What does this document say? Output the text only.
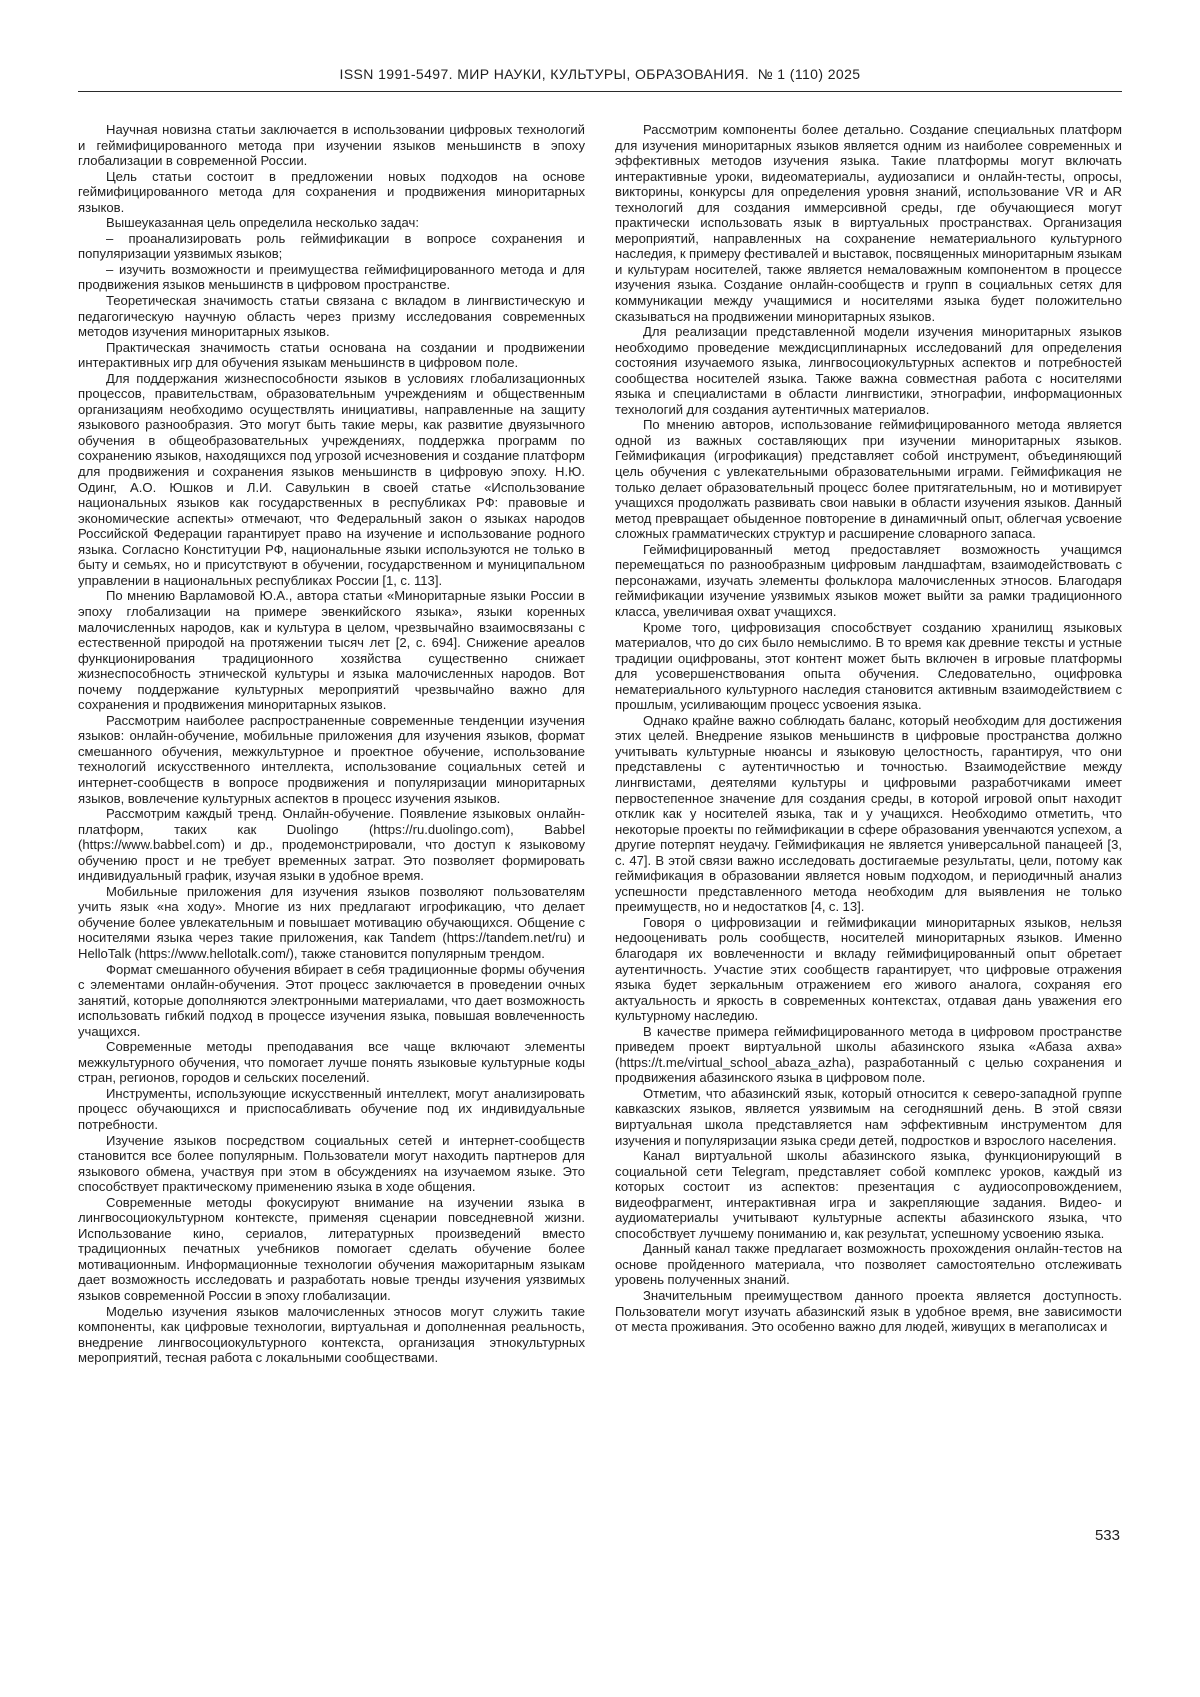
ISSN 1991-5497. МИР НАУКИ, КУЛЬТУРЫ, ОБРАЗОВАНИЯ.  № 1 (110) 2025

Научная новизна статьи заключается в использовании цифровых технологий и геймифицированного метода при изучении языков меньшинств в эпоху глобализации в современной России.

Цель статьи состоит в предложении новых подходов на основе геймифицированного метода для сохранения и продвижения миноритарных языков.

Вышеуказанная цель определила несколько задач:

– проанализировать роль геймификации в вопросе сохранения и популяризации уязвимых языков;

– изучить возможности и преимущества геймифицированного метода и для продвижения языков меньшинств в цифровом пространстве.

Теоретическая значимость статьи связана с вкладом в лингвистическую и педагогическую научную область через призму исследования современных методов изучения миноритарных языков.

Практическая значимость статьи основана на создании и продвижении интерактивных игр для обучения языкам меньшинств в цифровом поле.

Для поддержания жизнеспособности языков в условиях глобализационных процессов, правительствам, образовательным учреждениям и общественным организациям необходимо осуществлять инициативы, направленные на защиту языкового разнообразия. Это могут быть такие меры, как развитие двуязычного обучения в общеобразовательных учреждениях, поддержка программ по сохранению языков, находящихся под угрозой исчезновения и создание платформ для продвижения и сохранения языков меньшинств в цифровую эпоху. Н.Ю. Одинг, А.О. Юшков и Л.И. Савулькин в своей статье «Использование национальных языков как государственных в республиках РФ: правовые и экономические аспекты» отмечают, что Федеральный закон о языках народов Российской Федерации гарантирует право на изучение и использование родного языка. Согласно Конституции РФ, национальные языки используются не только в быту и семьях, но и присутствуют в обучении, государственном и муниципальном управлении в национальных республиках России [1, с. 113].

По мнению Варламовой Ю.А., автора статьи «Миноритарные языки России в эпоху глобализации на примере эвенкийского языка», языки коренных малочисленных народов, как и культура в целом, чрезвычайно взаимосвязаны с естественной природой на протяжении тысяч лет [2, с. 694]. Снижение ареалов функционирования традиционного хозяйства существенно снижает жизнеспособность этнической культуры и языка малочисленных народов. Вот почему поддержание культурных мероприятий чрезвычайно важно для сохранения и продвижения миноритарных языков.

Рассмотрим наиболее распространенные современные тенденции изучения языков: онлайн-обучение, мобильные приложения для изучения языков, формат смешанного обучения, межкультурное и проектное обучение, использование технологий искусственного интеллекта, использование социальных сетей и интернет-сообществ в вопросе продвижения и популяризации миноритарных языков, вовлечение культурных аспектов в процесс изучения языков.

Рассмотрим каждый тренд. Онлайн-обучение. Появление языковых онлайн-платформ, таких как Duolingo (https://ru.duolingo.com), Babbel (https://www.babbel.com) и др., продемонстрировали, что доступ к языковому обучению прост и не требует временных затрат. Это позволяет формировать индивидуальный график, изучая языки в удобное время.

Мобильные приложения для изучения языков позволяют пользователям учить язык «на ходу». Многие из них предлагают игрофикацию, что делает обучение более увлекательным и повышает мотивацию обучающихся. Общение с носителями языка через такие приложения, как Tandem (https://tandem.net/ru) и HelloTalk (https://www.hellotalk.com/), также становится популярным трендом.

Формат смешанного обучения вбирает в себя традиционные формы обучения с элементами онлайн-обучения. Этот процесс заключается в проведении очных занятий, которые дополняются электронными материалами, что дает возможность использовать гибкий подход в процессе изучения языка, повышая вовлеченность учащихся.

Современные методы преподавания все чаще включают элементы межкультурного обучения, что помогает лучше понять языковые культурные коды стран, регионов, городов и сельских поселений.

Инструменты, использующие искусственный интеллект, могут анализировать процесс обучающихся и приспосабливать обучение под их индивидуальные потребности.

Изучение языков посредством социальных сетей и интернет-сообществ становится все более популярным. Пользователи могут находить партнеров для языкового обмена, участвуя при этом в обсуждениях на изучаемом языке. Это способствует практическому применению языка в ходе общения.

Современные методы фокусируют внимание на изучении языка в лингвосоциокультурном контексте, применяя сценарии повседневной жизни. Использование кино, сериалов, литературных произведений вместо традиционных печатных учебников помогает сделать обучение более мотивационным. Информационные технологии обучения мажоритарным языкам дает возможность исследовать и разработать новые тренды изучения уязвимых языков современной России в эпоху глобализации.

Моделью изучения языков малочисленных этносов могут служить такие компоненты, как цифровые технологии, виртуальная и дополненная реальность, внедрение лингвосоциокультурного контекста, организация этнокультурных мероприятий, тесная работа с локальными сообществами.

Рассмотрим компоненты более детально. Создание специальных платформ для изучения миноритарных языков является одним из наиболее современных и эффективных методов изучения языка. Такие платформы могут включать интерактивные уроки, видеоматериалы, аудиозаписи и онлайн-тесты, опросы, викторины, конкурсы для определения уровня знаний, использование VR и AR технологий для создания иммерсивной среды, где обучающиеся могут практически использовать язык в виртуальных пространствах. Организация мероприятий, направленных на сохранение нематериального культурного наследия, к примеру фестивалей и выставок, посвященных миноритарным языкам и культурам носителей, также является немаловажным компонентом в процессе изучения языка. Создание онлайн-сообществ и групп в социальных сетях для коммуникации между учащимися и носителями языка будет положительно сказываться на продвижении миноритарных языков.

Для реализации представленной модели изучения миноритарных языков необходимо проведение междисциплинарных исследований для определения состояния изучаемого языка, лингвосоциокультурных аспектов и потребностей сообщества носителей языка. Также важна совместная работа с носителями языка и специалистами в области лингвистики, этнографии, информационных технологий для создания аутентичных материалов.

По мнению авторов, использование геймифицированного метода является одной из важных составляющих при изучении миноритарных языков. Геймификация (игрофикация) представляет собой инструмент, объединяющий цель обучения с увлекательными образовательными играми. Геймификация не только делает образовательный процесс более притягательным, но и мотивирует учащихся продолжать развивать свои навыки в области изучения языков. Данный метод превращает обыденное повторение в динамичный опыт, облегчая усвоение сложных грамматических структур и расширение словарного запаса.

Геймифицированный метод предоставляет возможность учащимся перемещаться по разнообразным цифровым ландшафтам, взаимодействовать с персонажами, изучать элементы фольклора малочисленных этносов. Благодаря геймификации изучение уязвимых языков может выйти за рамки традиционного класса, увеличивая охват учащихся.

Кроме того, цифровизация способствует созданию хранилищ языковых материалов, что до сих было немыслимо. В то время как древние тексты и устные традиции оцифрованы, этот контент может быть включен в игровые платформы для усовершенствования опыта обучения. Следовательно, оцифровка нематериального культурного наследия становится активным взаимодействием с прошлым, усиливающим процесс усвоения языка.

Однако крайне важно соблюдать баланс, который необходим для достижения этих целей. Внедрение языков меньшинств в цифровые пространства должно учитывать культурные нюансы и языковую целостность, гарантируя, что они представлены с аутентичностью и точностью. Взаимодействие между лингвистами, деятелями культуры и цифровыми разработчиками имеет первостепенное значение для создания среды, в которой игровой опыт находит отклик как у носителей языка, так и у учащихся. Необходимо отметить, что некоторые проекты по геймификации в сфере образования увенчаются успехом, а другие потерпят неудачу. Геймификация не является универсальной панацеей [3, с. 47]. В этой связи важно исследовать достигаемые результаты, цели, потому как геймификация в образовании является новым подходом, и периодичный анализ успешности представленного метода необходим для выявления не только преимуществ, но и недостатков [4, с. 13].

Говоря о цифровизации и геймификации миноритарных языков, нельзя недооценивать роль сообществ, носителей миноритарных языков. Именно благодаря их вовлеченности и вкладу геймифицированный опыт обретает аутентичность. Участие этих сообществ гарантирует, что цифровые отражения языка будет зеркальным отражением его живого аналога, сохраняя его актуальность и яркость в современных контекстах, отдавая дань уважения его культурному наследию.

В качестве примера геймифицированного метода в цифровом пространстве приведем проект виртуальной школы абазинского языка «Абаза ахва» (https://t.me/virtual_school_abaza_azha), разработанный с целью сохранения и продвижения абазинского языка в цифровом поле.

Отметим, что абазинский язык, который относится к северо-западной группе кавказских языков, является уязвимым на сегодняшний день. В этой связи виртуальная школа представляется нам эффективным инструментом для изучения и популяризации языка среди детей, подростков и взрослого населения.

Канал виртуальной школы абазинского языка, функционирующий в социальной сети Telegram, представляет собой комплекс уроков, каждый из которых состоит из аспектов: презентация с аудиосопровождением, видеофрагмент, интерактивная игра и закрепляющие задания. Видео- и аудиоматериалы учитывают культурные аспекты абазинского языка, что способствует лучшему пониманию и, как результат, успешному усвоению языка.

Данный канал также предлагает возможность прохождения онлайн-тестов на основе пройденного материала, что позволяет самостоятельно отслеживать уровень полученных знаний.

Значительным преимуществом данного проекта является доступность. Пользователи могут изучать абазинский язык в удобное время, вне зависимости от места проживания. Это особенно важно для людей, живущих в мегаполисах и

533
